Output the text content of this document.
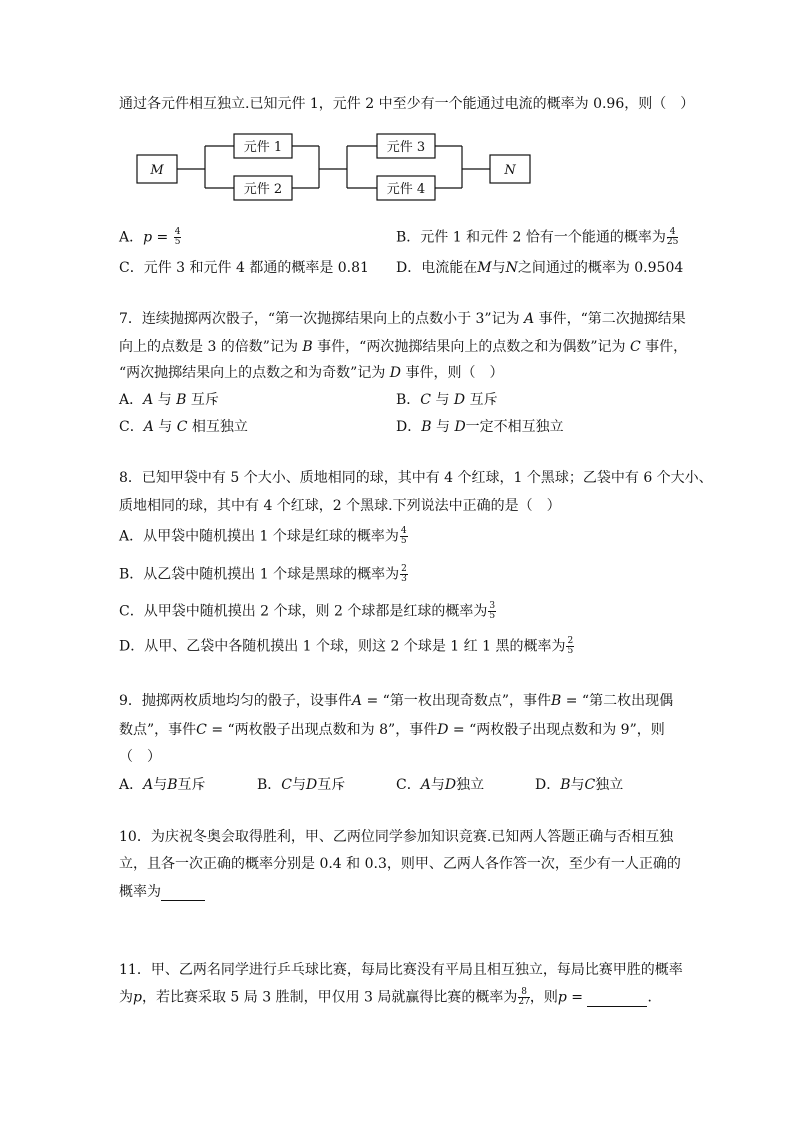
通过各元件相互独立.已知元件 1，元件 2 中至少有一个能通过电流的概率为 0.96，则（　）
M
元件 1
元件 2
元件 3
元件 4
N
A．$p = \frac{4}{5}$	B．元件 1 和元件 2 恰有一个能通的概率为 $\frac{4}{25}$
C．元件 3 和元件 4 都通的概率是 0.81 D．电流能在M与N之间通过的概率为 0.9504
7．连续抛掷两次骰子，“第一次抛掷结果向上的点数小于 3”记为 A 事件，“第二次抛掷结果
向上的点数是 3 的倍数”记为 B 事件，“两次抛掷结果向上的点数之和为偶数”记为 C 事件，
“两次抛掷结果向上的点数之和为奇数”记为 D 事件，则（　）
A．A 与 B 互斥	B．C 与 D 互斥
C．A 与 C 相互独立	D．B 与 D一定不相互独立
8．已知甲袋中有 5 个大小、质地相同的球，其中有 4 个红球，1 个黑球；乙袋中有 6 个大小、
质地相同的球，其中有 4 个红球，2 个黑球.下列说法中正确的是（　）
A．从甲袋中随机摸出 1 个球是红球的概率为 $\frac{4}{5}$
B．从乙袋中随机摸出 1 个球是黑球的概率为 $\frac{2}{3}$
C．从甲袋中随机摸出 2 个球，则 2 个球都是红球的概率为 $\frac{3}{5}$
D．从甲、乙袋中各随机摸出 1 个球，则这 2 个球是 1 红 1 黑的概率为 $\frac{2}{5}$
9．抛掷两枚质地均匀的骰子，设事件A = “第一枚出现奇数点”，事件B = “第二枚出现偶
数点”，事件C = “两枚骰子出现点数和为 8”，事件D = “两枚骰子出现点数和为 9”，则
（　）
A．A与B互斥	B．C与D互斥	C．A与D独立	D．B与C独立
10．为庆祝冬奥会取得胜利，甲、乙两位同学参加知识竞赛.已知两人答题正确与否相互独
立，且各一次正确的概率分别是 0.4 和 0.3，则甲、乙两人各作答一次，至少有一人正确的
概率为
11．甲、乙两名同学进行乒乓球比赛，每局比赛没有平局且相互独立，每局比赛甲胜的概率
为p，若比赛采取 5 局 3 胜制，甲仅用 3 局就赢得比赛的概率为 $\frac{8}{27}$ ，则p =	．
